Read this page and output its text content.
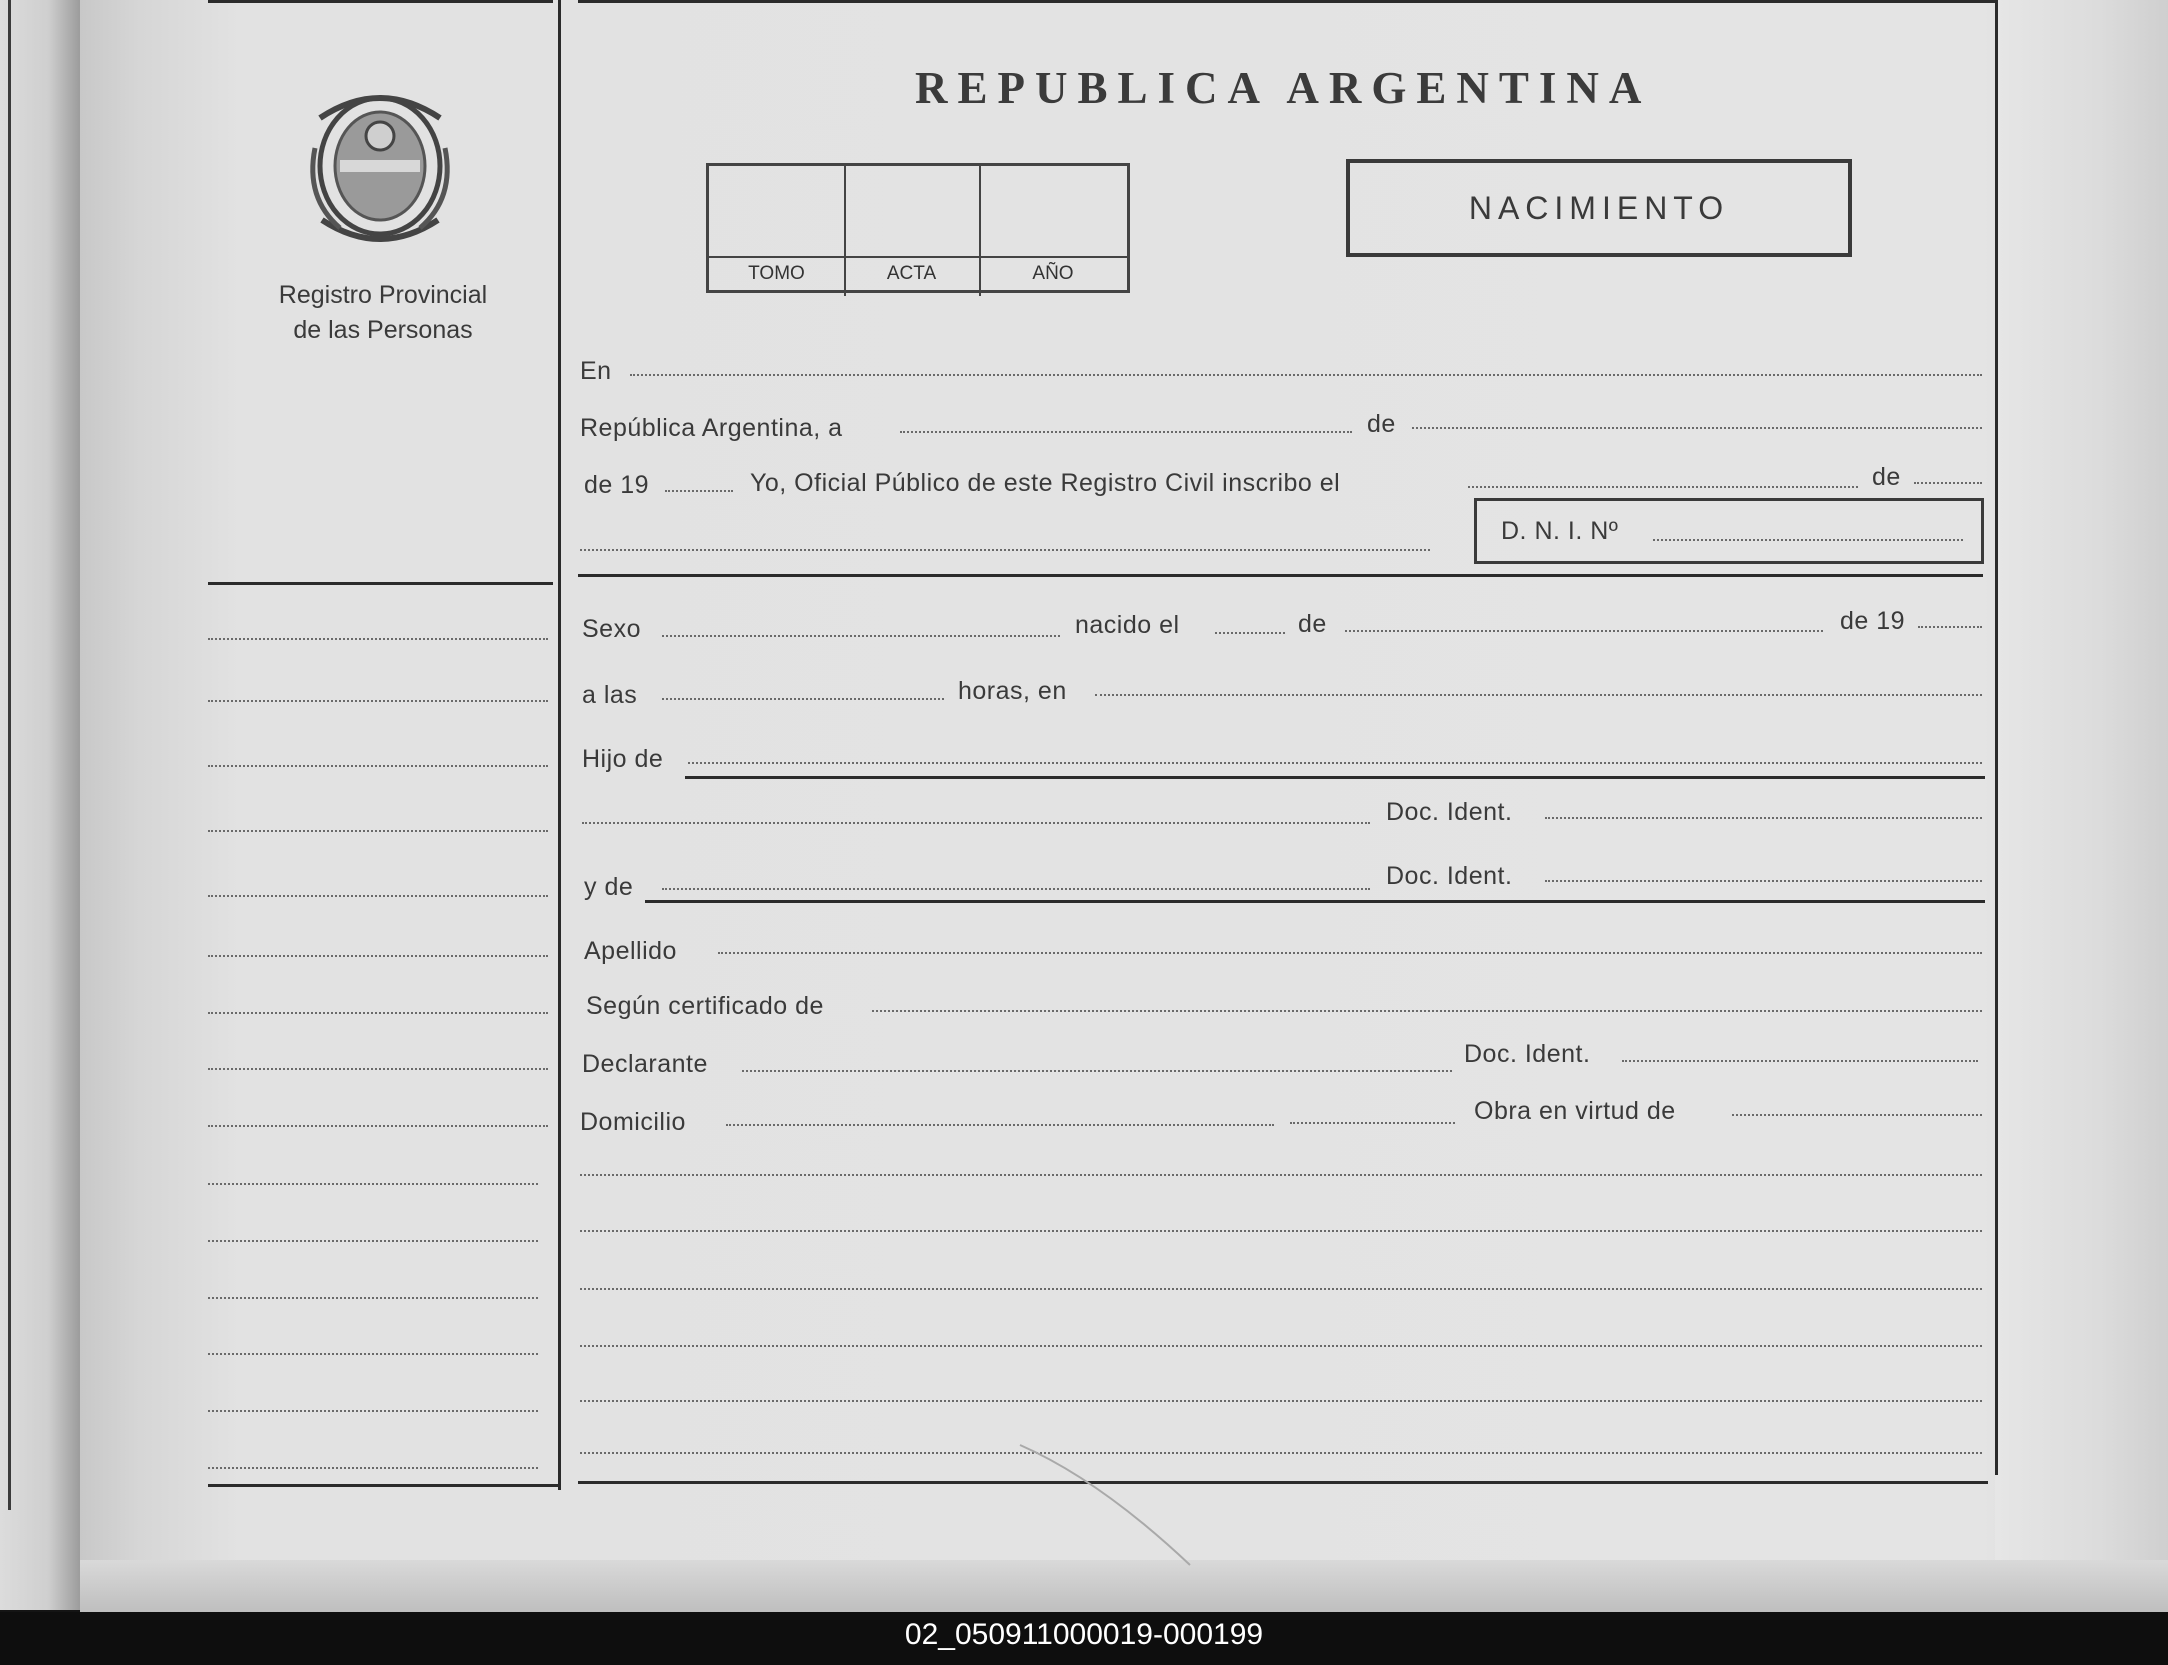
Registro Provincial
de las Personas
REPUBLICA ARGENTINA
TOMO	ACTA	AÑO
NACIMIENTO
En
República Argentina, a	de
de 19	Yo, Oficial Público de este Registro Civil inscribo el	de
D. N. I. Nº
Sexo	nacido el	de	de 19
a las	horas, en
Hijo de
Doc. Ident.
y de	Doc. Ident.
Apellido
Según certificado de
Declarante	Doc. Ident.
Domicilio	Obra en virtud de
02_050911000019-000199
